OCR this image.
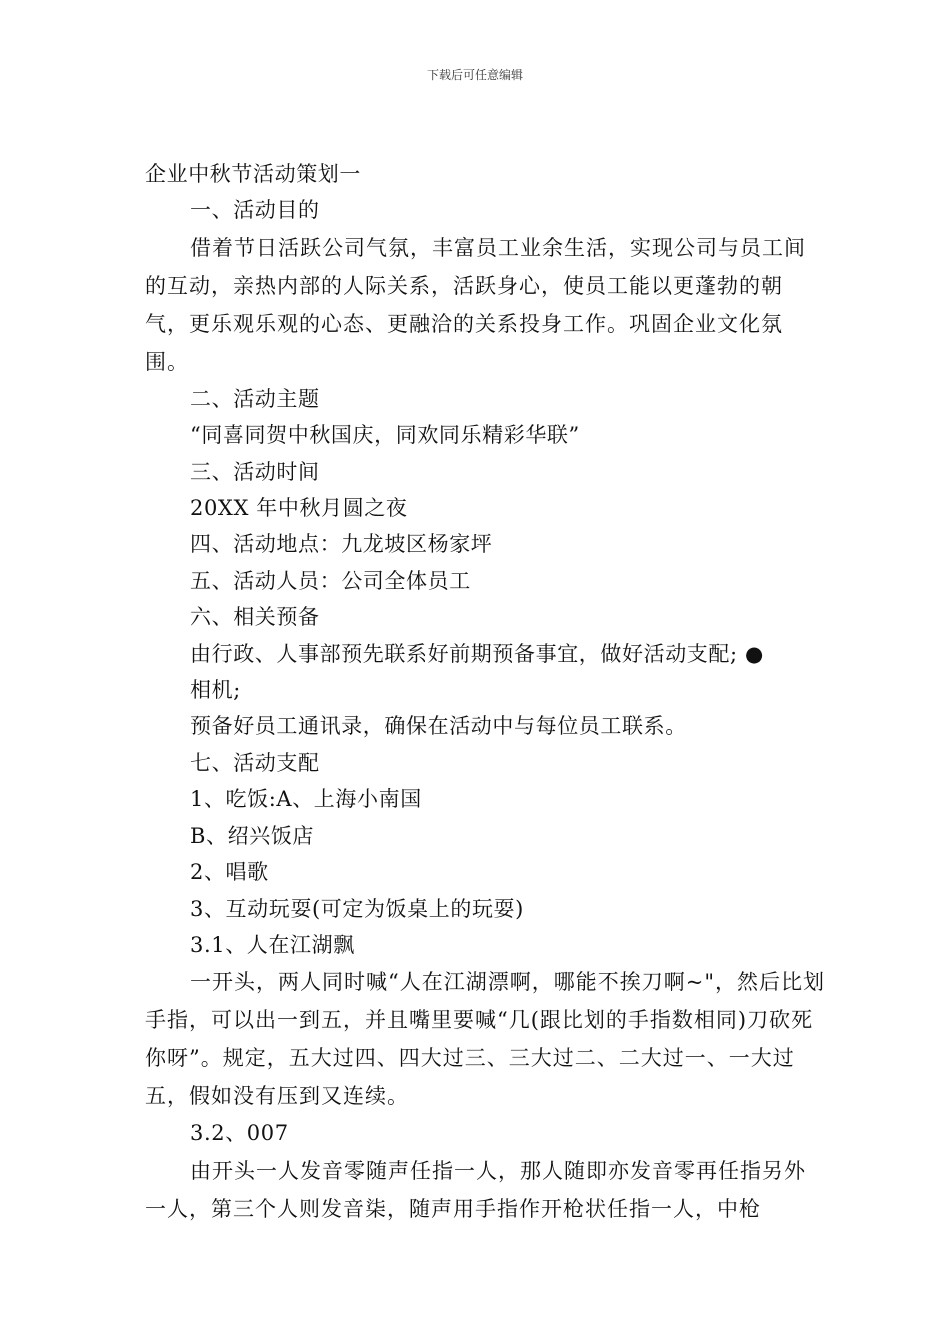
下载后可任意编辑
企业中秋节活动策划一
一、活动目的
借着节日活跃公司气氛，丰富员工业余生活，实现公司与员工间的互动，亲热内部的人际关系，活跃身心，使员工能以更蓬勃的朝气，更乐观乐观的心态、更融洽的关系投身工作。巩固企业文化氛围。
二、活动主题
“同喜同贺中秋国庆，同欢同乐精彩华联”
三、活动时间
20XX 年中秋月圆之夜
四、活动地点：九龙坡区杨家坪
五、活动人员：公司全体员工
六、相关预备
由行政、人事部预先联系好前期预备事宜，做好活动支配; ●
相机;
预备好员工通讯录，确保在活动中与每位员工联系。
七、活动支配
1、吃饭:A、上海小南国
B、绍兴饭店
2、唱歌
3、互动玩耍(可定为饭桌上的玩耍)
3.1、人在江湖飘
一开头，两人同时喊“人在江湖漂啊，哪能不挨刀啊~"，然后比划手指，可以出一到五，并且嘴里要喊“几(跟比划的手指数相同)刀砍死你呀”。规定，五大过四、四大过三、三大过二、二大过一、一大过五，假如没有压到又连续。
3.2、007
由开头一人发音零随声任指一人，那人随即亦发音零再任指另外一人，第三个人则发音柒，随声用手指作开枪状任指一人，中枪
